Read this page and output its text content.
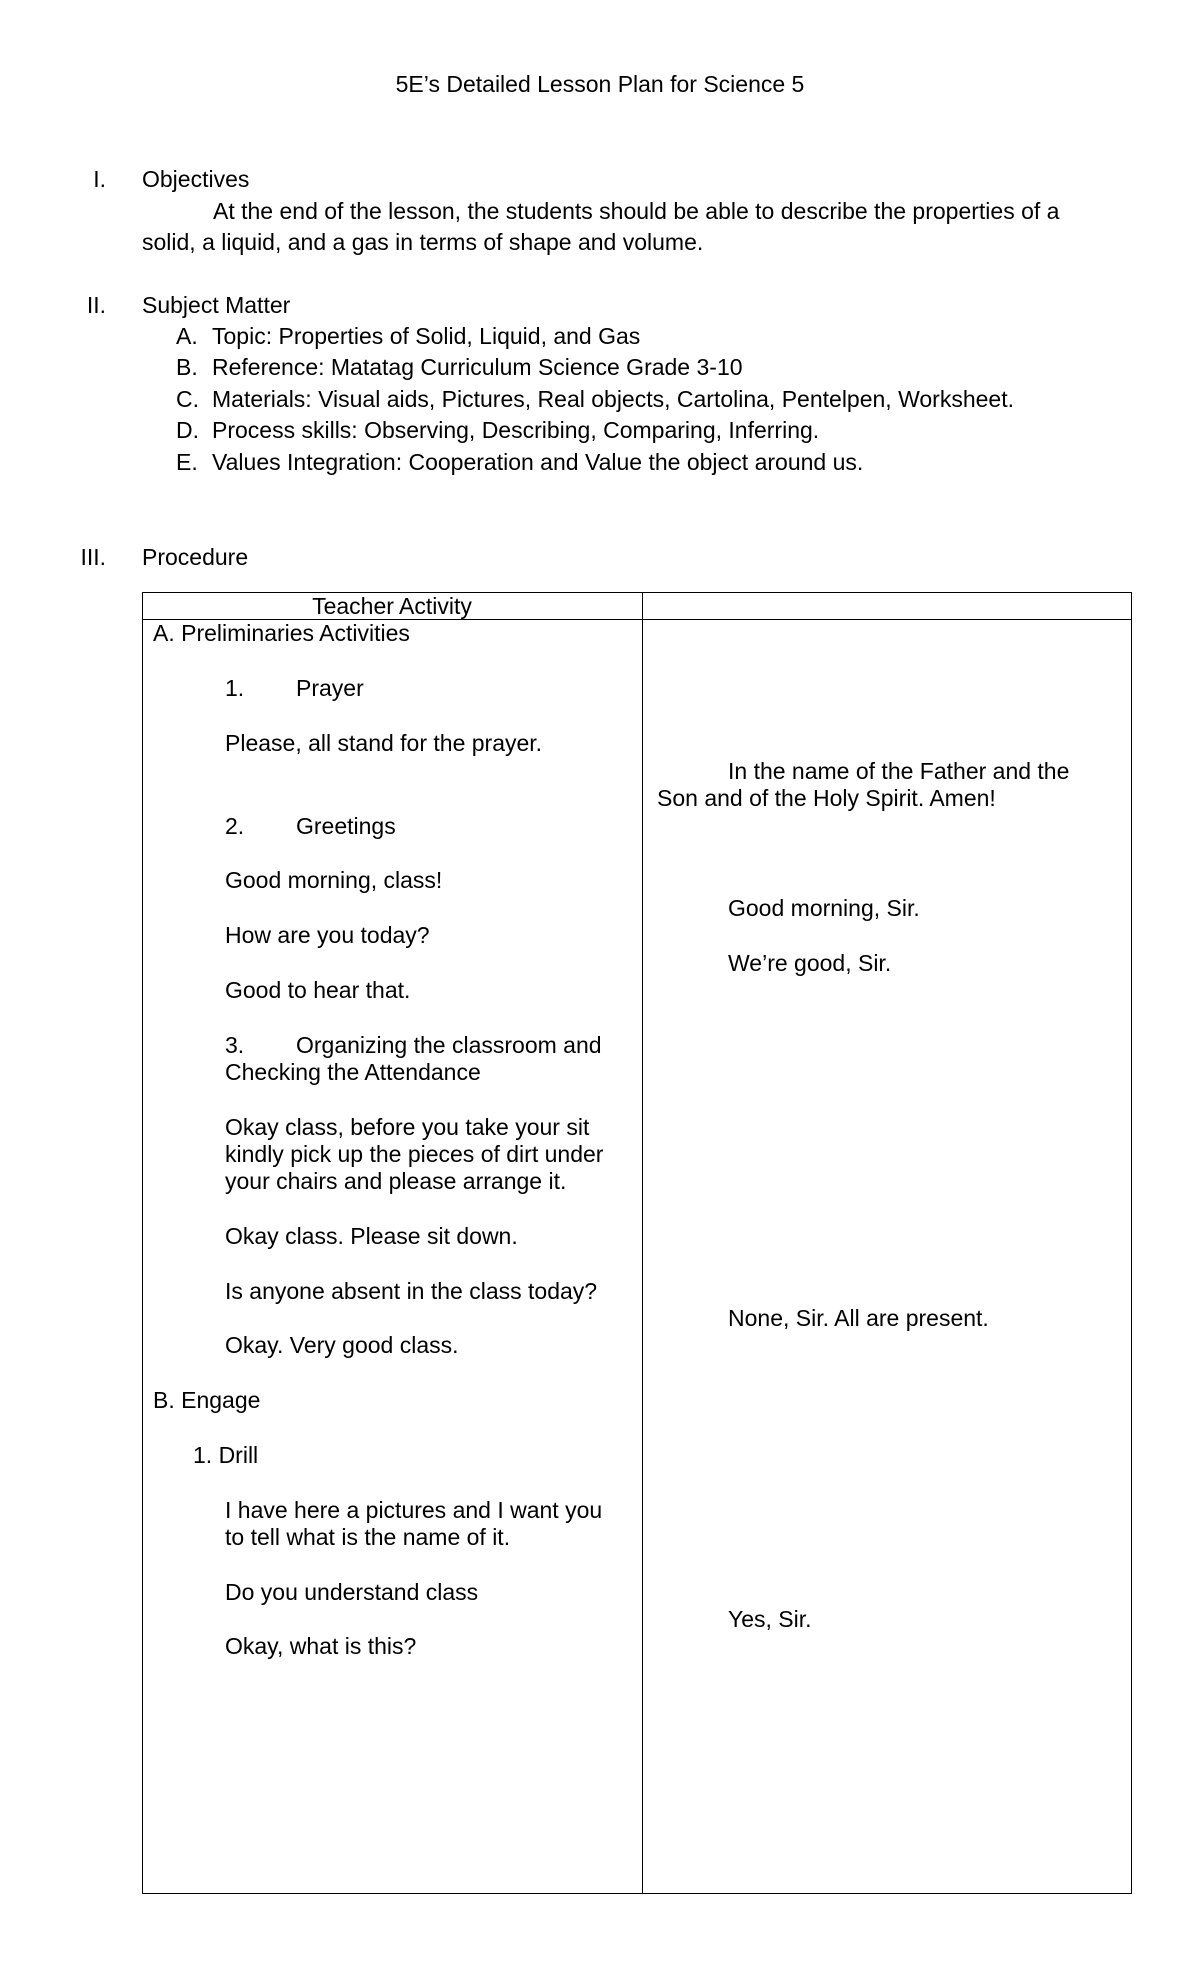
5E’s Detailed Lesson Plan for Science 5
I. Objectives
At the end of the lesson, the students should be able to describe the properties of a
solid, a liquid, and a gas in terms of shape and volume.
II. Subject Matter
A. Topic: Properties of Solid, Liquid, and Gas
B. Reference: Matatag Curriculum Science Grade 3-10
C. Materials: Visual aids, Pictures, Real objects, Cartolina, Pentelpen, Worksheet.
D. Process skills: Observing, Describing, Comparing, Inferring.
E. Values Integration: Cooperation and Value the object around us.
III. Procedure
Teacher Activity
A. Preliminaries Activities
1. Prayer
Please, all stand for the prayer.
2. Greetings
Good morning, class!
How are you today?
Good to hear that.
3. Organizing the classroom and
Checking the Attendance
Okay class, before you take your sit
kindly pick up the pieces of dirt under
your chairs and please arrange it.
Okay class. Please sit down.
Is anyone absent in the class today?
Okay. Very good class.
B. Engage
1. Drill
I have here a pictures and I want you
to tell what is the name of it.
Do you understand class
Okay, what is this?
In the name of the Father and the
Son and of the Holy Spirit. Amen!
Good morning, Sir.
We’re good, Sir.
None, Sir. All are present.
Yes, Sir.
